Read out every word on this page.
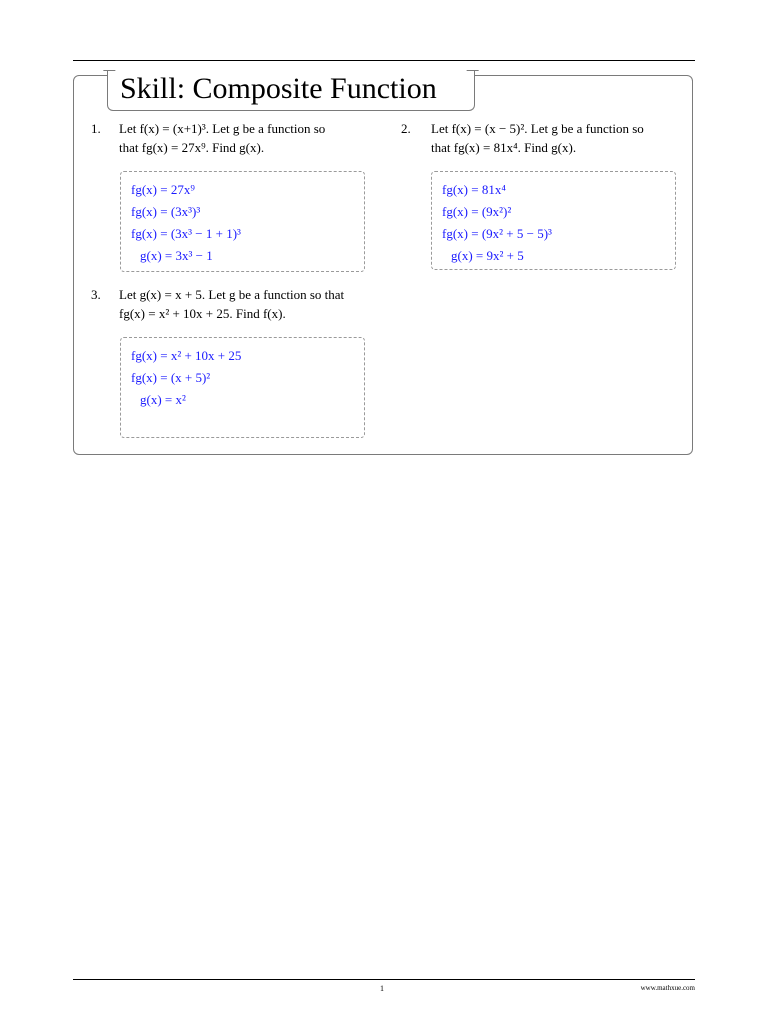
Skill: Composite Function
1.	Let f(x) = (x+1)³. Let g be a function so
that fg(x) = 27x⁹. Find g(x).
fg(x) = 27x⁹
fg(x) = (3x³)³
fg(x) = (3x³ − 1 + 1)³
g(x) = 3x³ − 1
2.	Let f(x) = (x − 5)². Let g be a function so
that fg(x) = 81x⁴. Find g(x).
fg(x) = 81x⁴
fg(x) = (9x²)²
fg(x) = (9x² + 5 − 5)³
g(x) = 9x² + 5
3.	Let g(x) = x + 5. Let g be a function so that
fg(x) = x² + 10x + 25. Find f(x).
fg(x) = x² + 10x + 25
fg(x) = (x + 5)²
g(x) = x²
1	www.mathxue.com
